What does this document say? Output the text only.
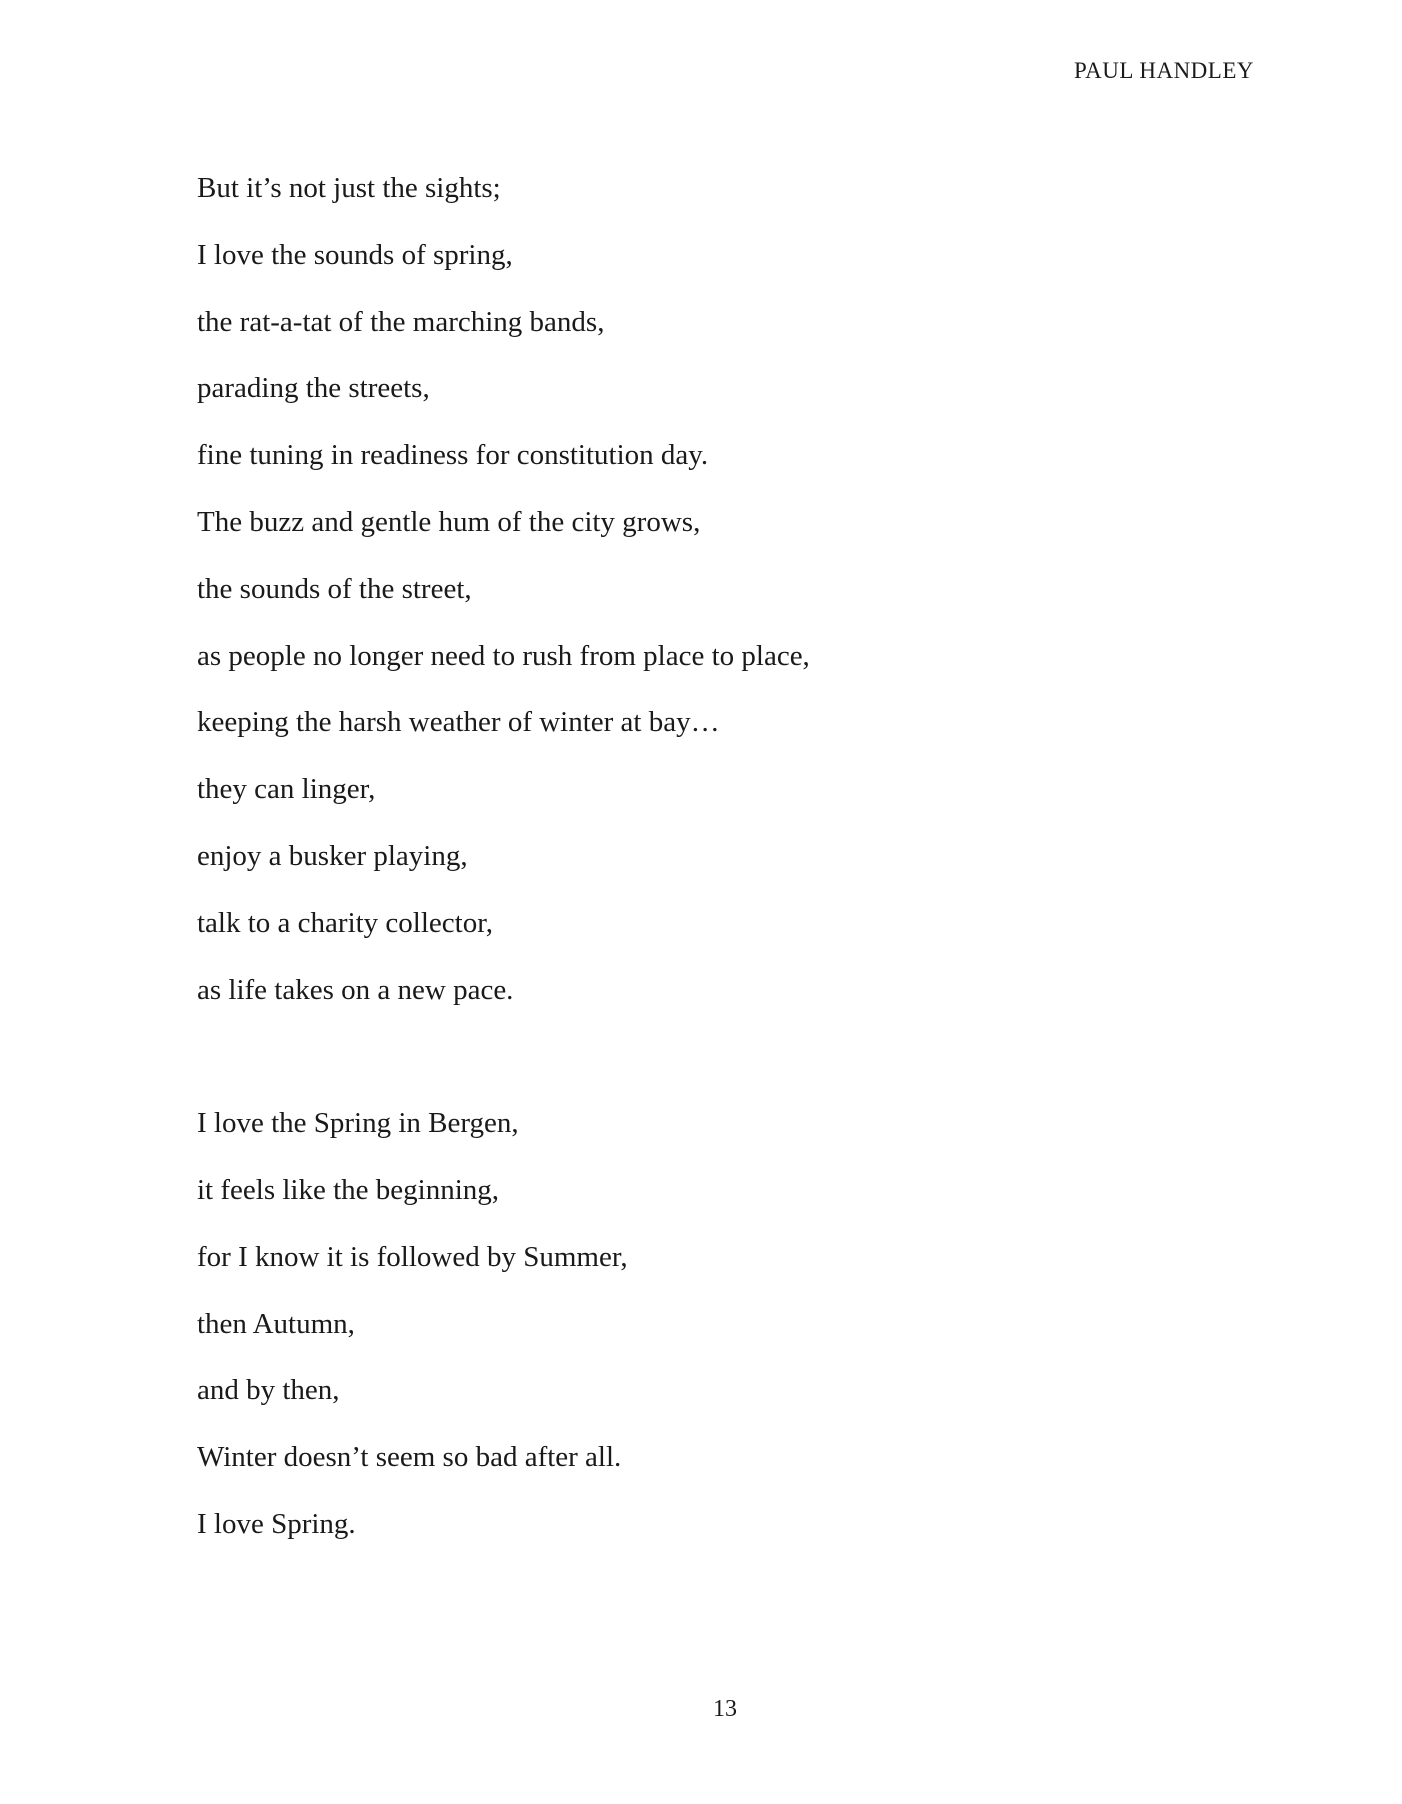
PAUL HANDLEY
But it’s not just the sights;
I love the sounds of spring,
the rat-a-tat of the marching bands,
parading the streets,
fine tuning in readiness for constitution day.
The buzz and gentle hum of the city grows,
the sounds of the street,
as people no longer need to rush from place to place,
keeping the harsh weather of winter at bay…
they can linger,
enjoy a busker playing,
talk to a charity collector,
as life takes on a new pace.
I love the Spring in Bergen,
it feels like the beginning,
for I know it is followed by Summer,
then Autumn,
and by then,
Winter doesn’t seem so bad after all.
I love Spring.
13
